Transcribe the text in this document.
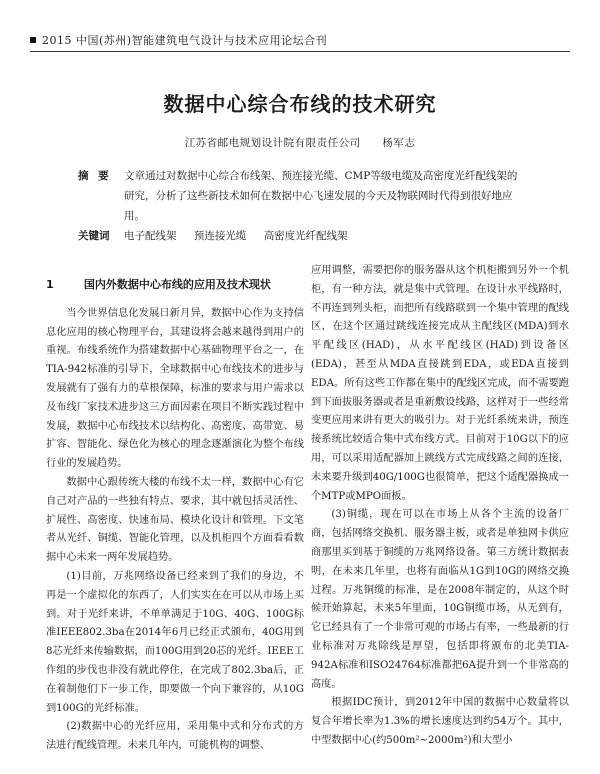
2015 中国(苏州)智能建筑电气设计与技术应用论坛合刊
数据中心综合布线的技术研究
江苏省邮电规划设计院有限责任公司 杨军志
摘 要	文章通过对数据中心综合布线架、预连接光缆、CMP等级电缆及高密度光纤配线架的研究，分析了这些新技术如何在数据中心飞速发展的今天及物联网时代得到很好地应用。
关键词	电子配线架 预连接光缆 高密度光纤配线架
1	国内外数据中心布线的应用及技术现状

当今世界信息化发展日新月异，数据中心作为支持信息化应用的核心物理平台，其建设将会越来越得到用户的重视。布线系统作为搭建数据中心基础物理平台之一，在TIA-942标准的引导下，全球数据中心布线技术的进步与发展就有了强有力的草根保障，标准的要求与用户需求以及布线厂家技术进步这三方面因素在项目不断实践过程中发展，数据中心布线技术以结构化、高密度、高带宽、易扩容、智能化、绿色化为核心的理念逐渐演化为整个布线行业的发展趋势。

数据中心跟传统大楼的布线不太一样，数据中心有它自己对产品的一些独有特点、要求，其中就包括灵活性、扩展性、高密度、快速布局、模块化设计和管理。下文笔者从光纤、铜缆、智能化管理，以及机柜四个方面看看数据中心未来一两年发展趋势。

(1)目前，万兆网络设备已经来到了我们的身边，不再是一个虚拟化的东西了，人们实实在在可以从市场上买到。对于光纤来讲，不单单满足于10G、40G、100G标准IEEE802.3ba在2014年6月已经正式颁布，40G用到8芯光纤来传输数据，而100G用到20芯的光纤。IEEE工作组的步伐也非没有就此停住，在完成了802.3ba后，正在着制他们下一步工作，即要做一个向下兼容的，从10G到100G的光纤标准。

(2)数据中心的光纤应用，采用集中式和分布式的方法进行配线管理。未来几年内，可能机构的调整、

应用调整，需要把你的服务器从这个机柜搬到另外一个机柜，有一种方法，就是集中式管理。在设计水平线路时，不再连到列头柜，而把所有线路联到一个集中管理的配线区，在这个区通过跳线连接完成从主配线区(MDA)到水平配线区(HAD)，从水平配线区(HAD)到设备区(EDA)，甚至从MDA直接跳到EDA，或EDA直接到EDA。所有这些工作都在集中的配线区完成，而不需要跑到下面拔服务器或者是重新敷设线路，这样对于一些经常变更应用来讲有更大的吸引力。对于光纤系统来讲，预连接系统比较适合集中式布线方式。目前对于10G以下的应用，可以采用适配器加上跳线方式完成线路之间的连接，未来要升级到40G/100G也很简单，把这个适配器换成一个MTP或MPO面板。

(3)铜缆，现在可以在市场上从各个主流的设备厂商，包括网络交换机、服务器主板，或者是单独网卡供应商那里买到基于铜缆的万兆网络设备。第三方统计数据表明，在未来几年里，也将有面临从1G到10G的网络交换过程。万兆铜缆的标准，是在2008年制定的，从这个时候开始算起，未来5年里面，10G铜缆市场，从无到有，它已经具有了一个非常可观的市场占有率，一些最新的行业标准对万兆除线是厚望，包括即将颁布的北美TIA-942A标准和ISO24764标准都把6A提升到一个非常高的高度。

根据IDC预计，到2012年中国的数据中心数量将以复合年增长率为1.3%的增长速度达到约54万个。其中，中型数据中心(约500m²~2000m²)和大型小
